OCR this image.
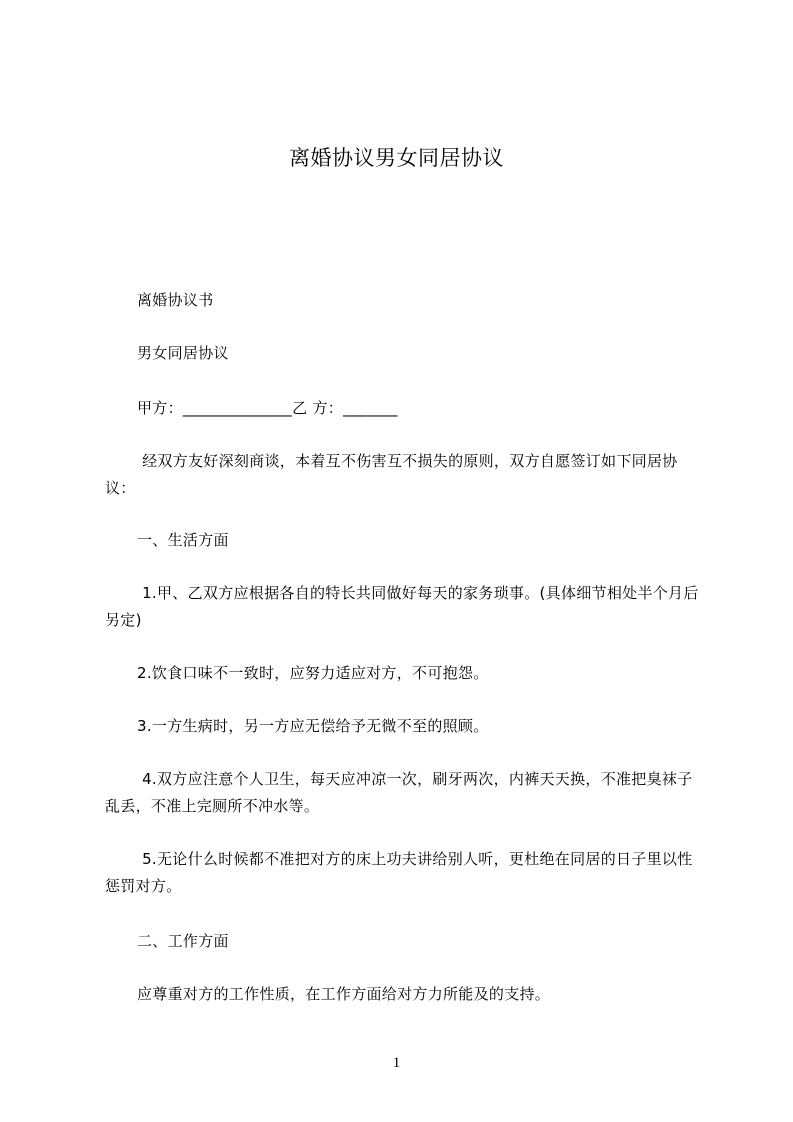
离婚协议男女同居协议
离婚协议书
男女同居协议
甲方：______________乙 方：_______
经双方友好深刻商谈，本着互不伤害互不损失的原则，双方自愿签订如下同居协议：
一、生活方面
1.甲、乙双方应根据各自的特长共同做好每天的家务琐事。(具体细节相处半个月后另定)
2.饮食口味不一致时，应努力适应对方，不可抱怨。
3.一方生病时，另一方应无偿给予无微不至的照顾。
4.双方应注意个人卫生，每天应冲凉一次，刷牙两次，内裤天天换，不准把臭袜子乱丢，不准上完厕所不冲水等。
5.无论什么时候都不准把对方的床上功夫讲给别人听，更杜绝在同居的日子里以性惩罚对方。
二、工作方面
应尊重对方的工作性质，在工作方面给对方力所能及的支持。
1
